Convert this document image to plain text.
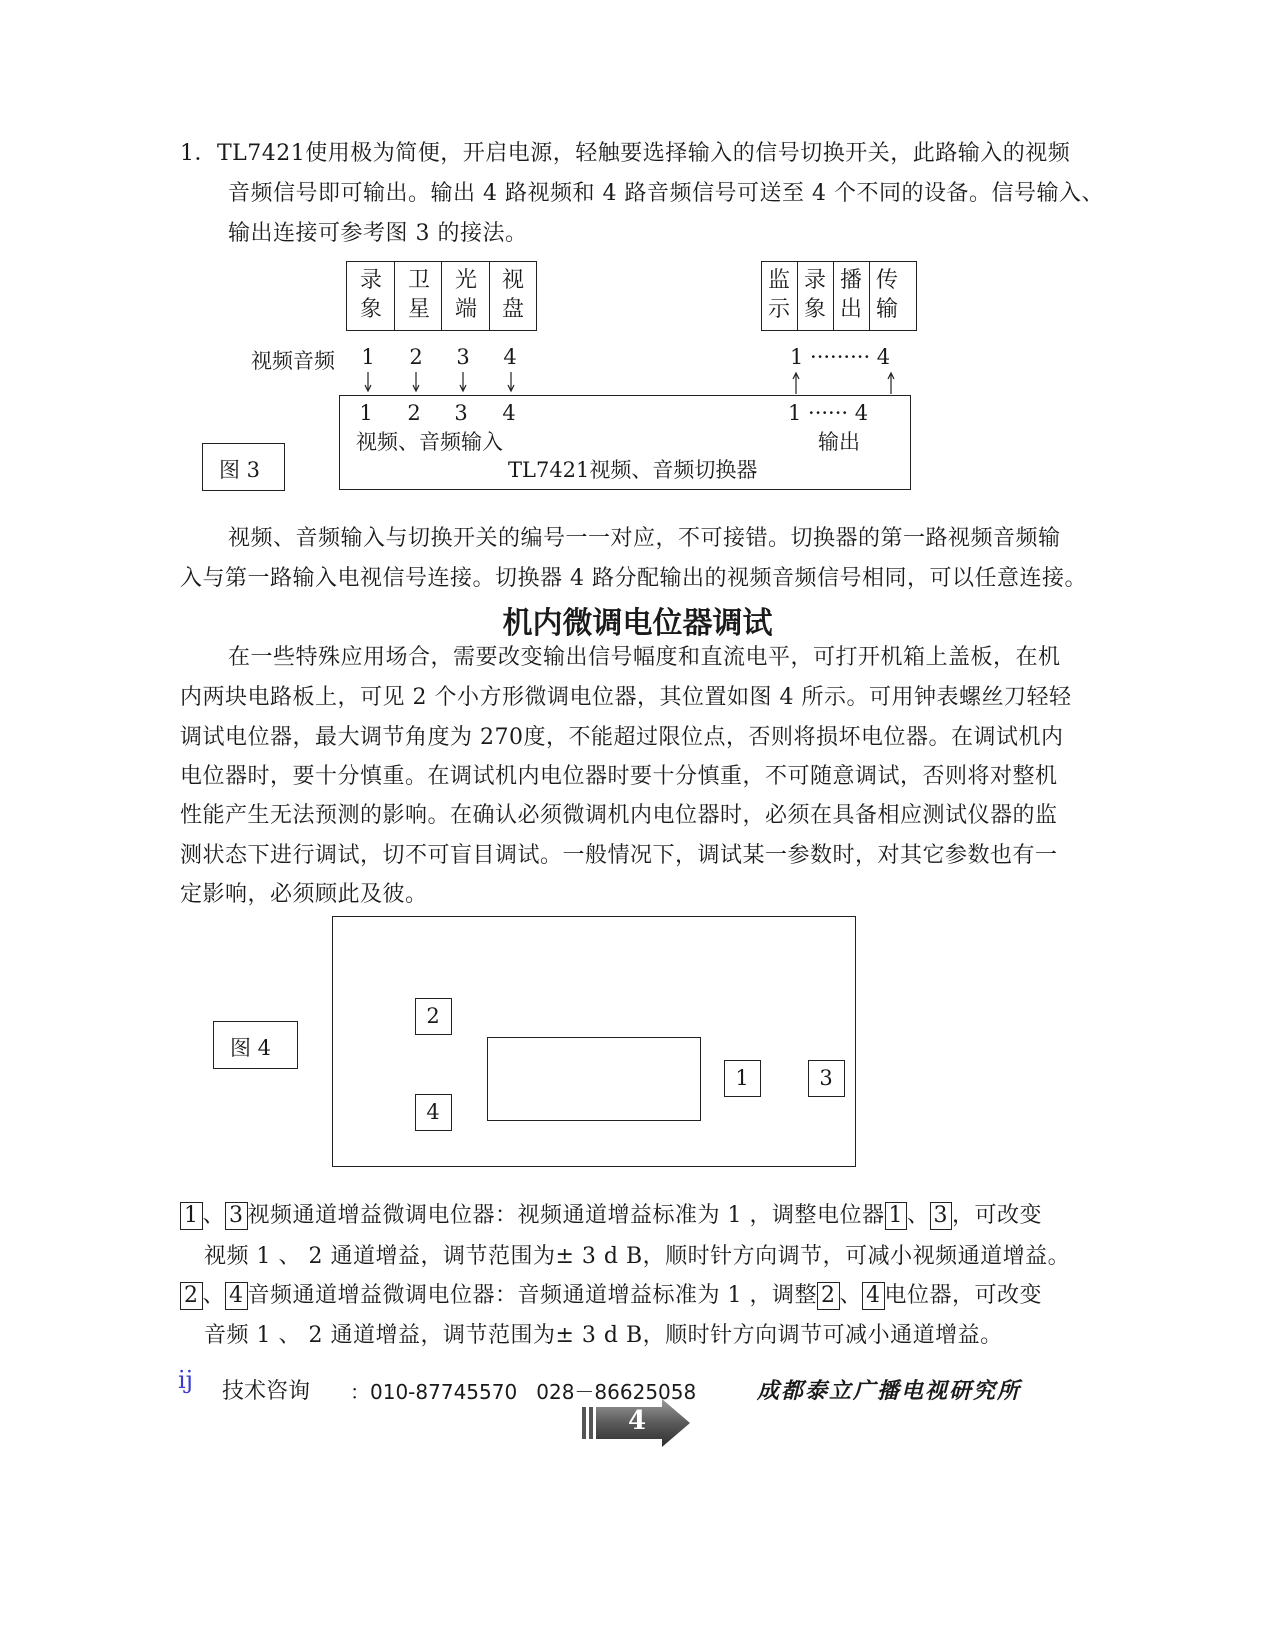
1．TL7421使用极为简便，开启电源，轻触要选择输入的信号切换开关，此路输入的视频
音频信号即可输出。输出 4 路视频和 4 路音频信号可送至 4 个不同的设备。信号输入、
输出连接可参考图 3 的接法。
录
象
卫
星
光
端
视
盘
监
示
录
象
播
出
传
输
视频音频 1 2 3 4	1 ········· 4
1 2 3 4	1 ······ 4
视频、音频输入	输出
TL7421视频、音频切换器
图 3
视频、音频输入与切换开关的编号一一对应，不可接错。切换器的第一路视频音频输
入与第一路输入电视信号连接。切换器 4 路分配输出的视频音频信号相同，可以任意连接。
机内微调电位器调试
在一些特殊应用场合，需要改变输出信号幅度和直流电平，可打开机箱上盖板，在机
内两块电路板上，可见 2 个小方形微调电位器，其位置如图 4 所示。可用钟表螺丝刀轻轻
调试电位器，最大调节角度为 270度，不能超过限位点，否则将损坏电位器。在调试机内
电位器时，要十分慎重。在调试机内电位器时要十分慎重，不可随意调试，否则将对整机
性能产生无法预测的影响。在确认必须微调机内电位器时，必须在具备相应测试仪器的监
测状态下进行调试，切不可盲目调试。一般情况下，调试某一参数时，对其它参数也有一
定影响，必须顾此及彼。
图 4
2
4
1	3
1 、 3 视频通道增益微调电位器：视频通道增益标准为 1 ，调整电位器 1 、 3 ，可改变
视频 1 、 2 通道增益，调节范围为± 3 d B，顺时针方向调节，可减小视频通道增益。
2 、 4 音频通道增益微调电位器：音频通道增益标准为 1 ，调整 2 、 4 电位器，可改变
音频 1 、 2 通道增益，调节范围为± 3 d B，顺时针方向调节可减小通道增益。
ij 技术咨询 ：010-87745570   028－86625058	成都泰立广播电视研究所
4
